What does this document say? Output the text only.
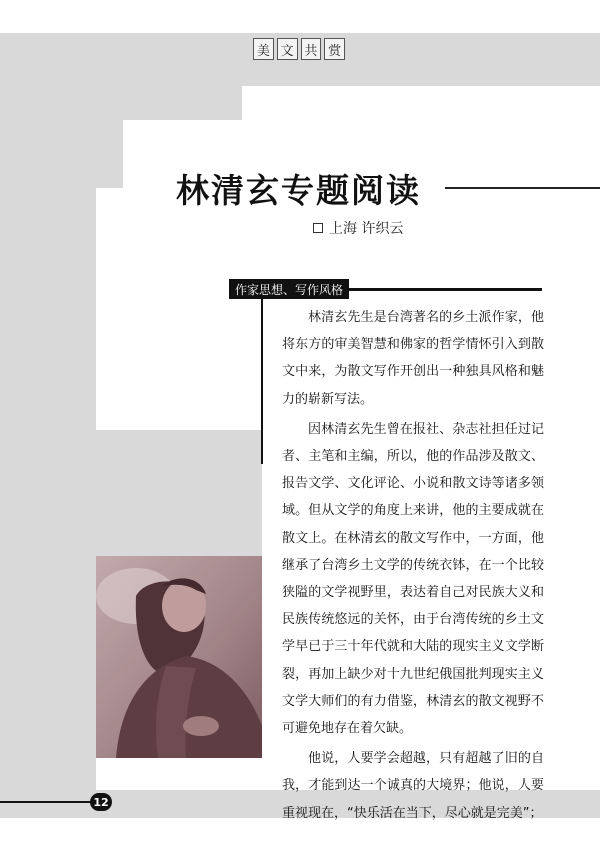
美 文 共 赏
林清玄专题阅读
上海 许织云
作家思想、写作风格

林清玄先生是台湾著名的乡土派作家，他将东方的审美智慧和佛家的哲学情怀引入到散文中来，为散文写作开创出一种独具风格和魅力的崭新写法。

因林清玄先生曾在报社、杂志社担任过记者、主笔和主编，所以，他的作品涉及散文、报告文学、文化评论、小说和散文诗等诸多领域。但从文学的角度上来讲，他的主要成就在散文上。在林清玄的散文写作中，一方面，他继承了台湾乡土文学的传统衣钵，在一个比较狭隘的文学视野里，表达着自己对民族大义和民族传统悠远的关怀，由于台湾传统的乡土文学早已于三十年代就和大陆的现实主义文学断裂，再加上缺少对十九世纪俄国批判现实主义文学大师们的有力借鉴，林清玄的散文视野不可避免地存在着欠缺。

他说，人要学会超越，只有超越了旧的自我，才能到达一个诚真的大境界；他说，人要重视现在，“快乐活在当下，尽心就是完美”；

12
